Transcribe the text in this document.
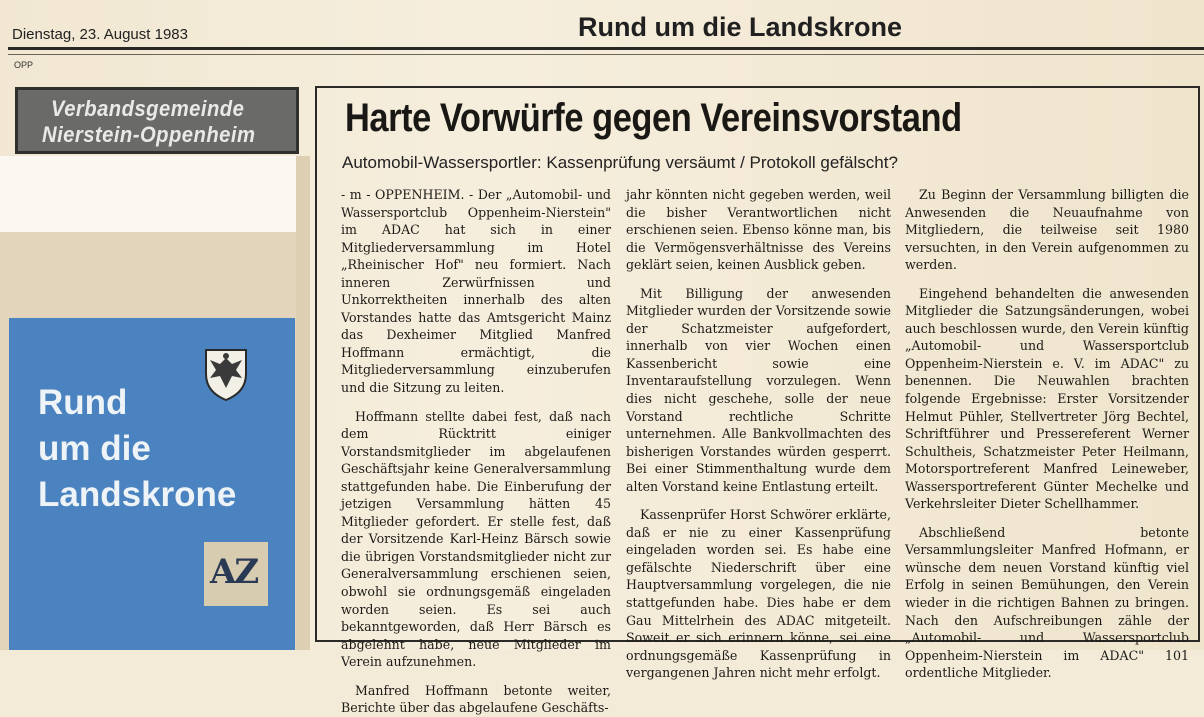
Dienstag, 23. August 1983	Rund um die Landskrone
OPP
Verbandsgemeinde
Nierstein-Oppenheim
Rund
um die
Landskrone
AZ
Harte Vorwürfe gegen Vereinsvorstand
Automobil-Wassersportler: Kassenprüfung versäumt / Protokoll gefälscht?

- m - OPPENHEIM. - Der „Automobil- und Wassersportclub Oppenheim-Nierstein" im ADAC hat sich in einer Mitgliederversammlung im Hotel „Rheinischer Hof" neu formiert. Nach inneren Zerwürfnissen und Unkorrektheiten innerhalb des alten Vorstandes hatte das Amtsgericht Mainz das Dexheimer Mitglied Manfred Hoffmann ermächtigt, die Mitgliederversammlung einzuberufen und die Sitzung zu leiten.

Hoffmann stellte dabei fest, daß nach dem Rücktritt einiger Vorstandsmitglieder im abgelaufenen Geschäftsjahr keine Generalversammlung stattgefunden habe. Die Einberufung der jetzigen Versammlung hätten 45 Mitglieder gefordert. Er stelle fest, daß der Vorsitzende Karl-Heinz Bärsch sowie die übrigen Vorstandsmitglieder nicht zur Generalversammlung erschienen seien, obwohl sie ordnungsgemäß eingeladen worden seien. Es sei auch bekanntgeworden, daß Herr Bärsch es abgelehnt habe, neue Mitglieder im Verein aufzunehmen.

Manfred Hoffmann betonte weiter, Berichte über das abgelaufene Geschäfts-

jahr könnten nicht gegeben werden, weil die bisher Verantwortlichen nicht erschienen seien. Ebenso könne man, bis die Vermögensverhältnisse des Vereins geklärt seien, keinen Ausblick geben.

Mit Billigung der anwesenden Mitglieder wurden der Vorsitzende sowie der Schatzmeister aufgefordert, innerhalb von vier Wochen einen Kassenbericht sowie eine Inventaraufstellung vorzulegen. Wenn dies nicht geschehe, solle der neue Vorstand rechtliche Schritte unternehmen. Alle Bankvollmachten des bisherigen Vorstandes würden gesperrt. Bei einer Stimmenthaltung wurde dem alten Vorstand keine Entlastung erteilt.

Kassenprüfer Horst Schwörer erklärte, daß er nie zu einer Kassenprüfung eingeladen worden sei. Es habe eine gefälschte Niederschrift über eine Hauptversammlung vorgelegen, die nie stattgefunden habe. Dies habe er dem Gau Mittelrhein des ADAC mitgeteilt. Soweit er sich erinnern könne, sei eine ordnungsgemäße Kassenprüfung in vergangenen Jahren nicht mehr erfolgt.

Zu Beginn der Versammlung billigten die Anwesenden die Neuaufnahme von Mitgliedern, die teilweise seit 1980 versuchten, in den Verein aufgenommen zu werden.

Eingehend behandelten die anwesenden Mitglieder die Satzungsänderungen, wobei auch beschlossen wurde, den Verein künftig „Automobil- und Wassersportclub Oppenheim-Nierstein e. V. im ADAC" zu benennen. Die Neuwahlen brachten folgende Ergebnisse: Erster Vorsitzender Helmut Pühler, Stellvertreter Jörg Bechtel, Schriftführer und Pressereferent Werner Schultheis, Schatzmeister Peter Heilmann, Motorsportreferent Manfred Leineweber, Wassersportreferent Günter Mechelke und Verkehrsleiter Dieter Schellhammer.

Abschließend betonte Versammlungsleiter Manfred Hofmann, er wünsche dem neuen Vorstand künftig viel Erfolg in seinen Bemühungen, den Verein wieder in die richtigen Bahnen zu bringen. Nach den Aufschreibungen zähle der „Automobil- und Wassersportclub Oppenheim-Nierstein im ADAC" 101 ordentliche Mitglieder.
